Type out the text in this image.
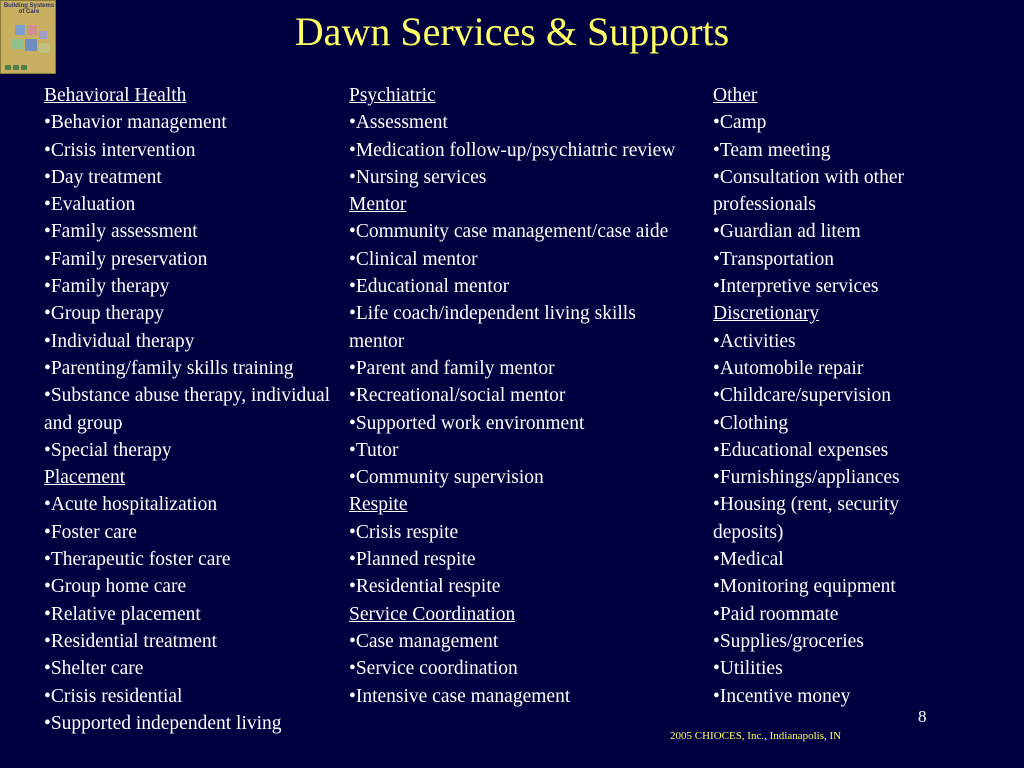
Building Systems of Care	Dawn Services & Supports
Behavioral Health
•Behavior management
•Crisis intervention
•Day treatment
•Evaluation
•Family assessment
•Family preservation
•Family therapy
•Group therapy
•Individual therapy
•Parenting/family skills training
•Substance abuse therapy, individual and group
•Special therapy
Placement
•Acute hospitalization
•Foster care
•Therapeutic foster care
•Group home care
•Relative placement
•Residential treatment
•Shelter care
•Crisis residential
•Supported independent living
Psychiatric
•Assessment
•Medication follow-up/psychiatric review
•Nursing services
Mentor
•Community case management/case aide
•Clinical mentor
•Educational mentor
•Life coach/independent living skills mentor
•Parent and family mentor
•Recreational/social mentor
•Supported work environment
•Tutor
•Community supervision
Respite
•Crisis respite
•Planned respite
•Residential respite
Service Coordination
•Case management
•Service coordination
•Intensive case management
Other
•Camp
•Team meeting
•Consultation with other professionals
•Guardian ad litem
•Transportation
•Interpretive services
Discretionary
•Activities
•Automobile repair
•Childcare/supervision
•Clothing
•Educational expenses
•Furnishings/appliances
•Housing (rent, security deposits)
•Medical
•Monitoring equipment
•Paid roommate
•Supplies/groceries
•Utilities
•Incentive money
8
2005 CHIOCES, Inc., Indianapolis, IN
